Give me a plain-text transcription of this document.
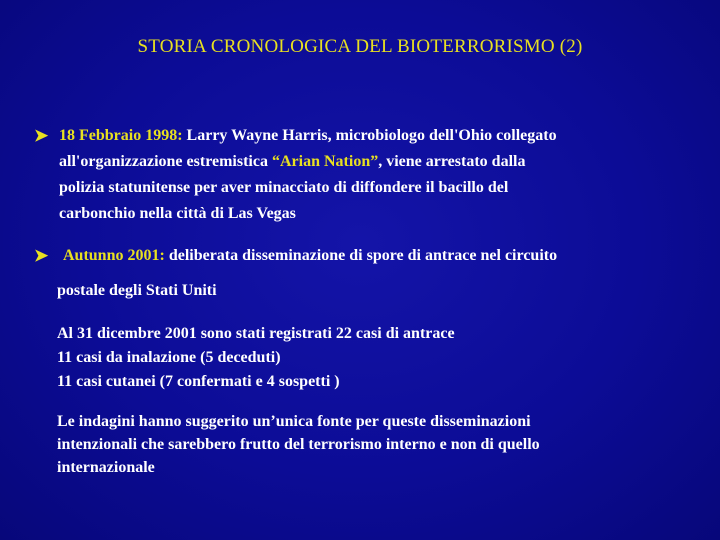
STORIA CRONOLOGICA DEL BIOTERRORISMO (2)
➤ 18 Febbraio 1998: Larry Wayne Harris, microbiologo dell'Ohio collegato
all'organizzazione estremistica “Arian Nation”, viene arrestato dalla
polizia statunitense per aver minacciato di diffondere il bacillo del
carbonchio nella città di Las Vegas
➤ Autunno 2001: deliberata disseminazione di spore di antrace nel circuito
postale degli Stati Uniti
Al 31 dicembre 2001 sono stati registrati 22 casi di antrace
11 casi da inalazione (5 deceduti)
11 casi cutanei (7 confermati e 4 sospetti )
Le indagini hanno suggerito un’unica fonte per queste disseminazioni
intenzionali che sarebbero frutto del terrorismo interno e non di quello
internazionale
